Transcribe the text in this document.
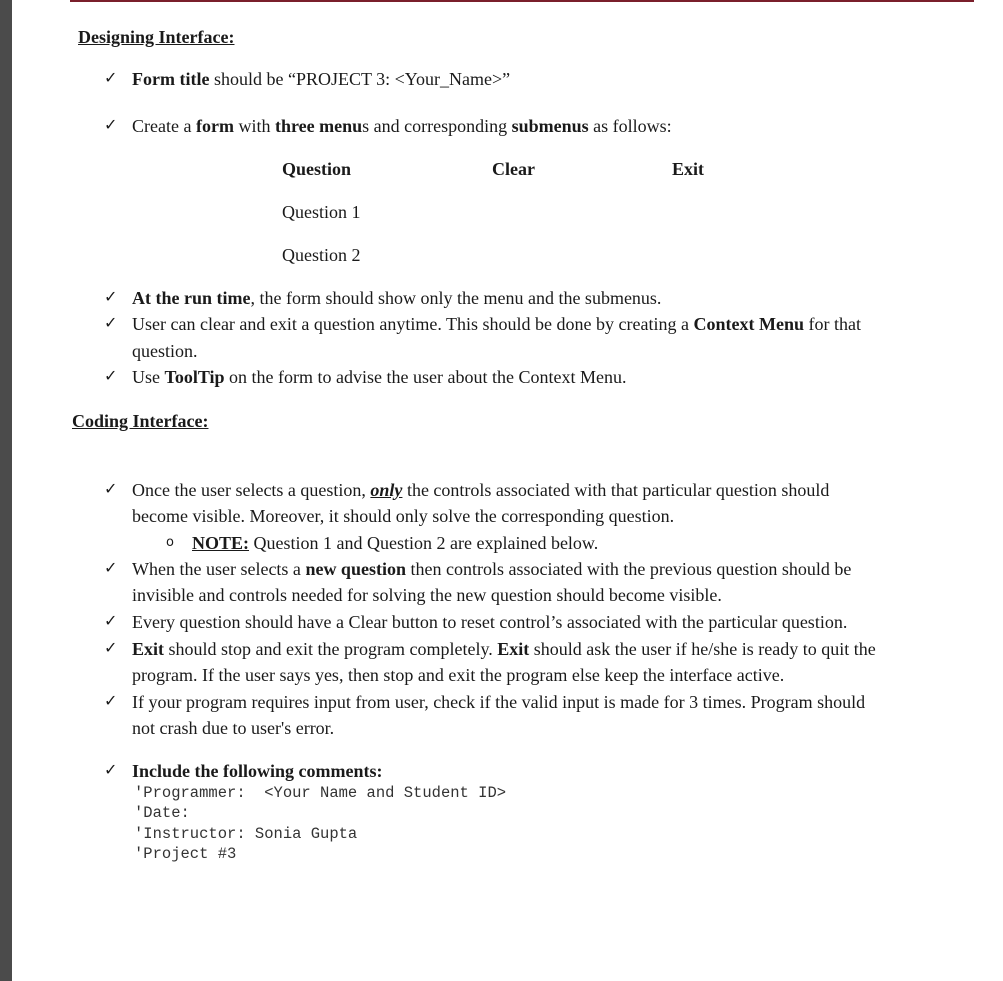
Designing Interface:
✓ Form title should be “PROJECT 3: <Your_Name>”
✓ Create a form with three menus and corresponding submenus as follows:
Question	Clear	Exit
Question 1
Question 2
✓ At the run time, the form should show only the menu and the submenus.
✓ User can clear and exit a question anytime. This should be done by creating a Context Menu for that
question.
✓ Use ToolTip on the form to advise the user about the Context Menu.
Coding Interface:
✓ Once the user selects a question, only the controls associated with that particular question should
become visible. Moreover, it should only solve the corresponding question.
o NOTE: Question 1 and Question 2 are explained below.
✓ When the user selects a new question then controls associated with the previous question should be
invisible and controls needed for solving the new question should become visible.
✓ Every question should have a Clear button to reset control’s associated with the particular question.
✓ Exit should stop and exit the program completely. Exit should ask the user if he/she is ready to quit the
program. If the user says yes, then stop and exit the program else keep the interface active.
✓ If your program requires input from user, check if the valid input is made for 3 times. Program should
not crash due to user's error.
✓ Include the following comments:
'Programmer:  <Your Name and Student ID>
'Date:
'Instructor: Sonia Gupta
'Project #3
